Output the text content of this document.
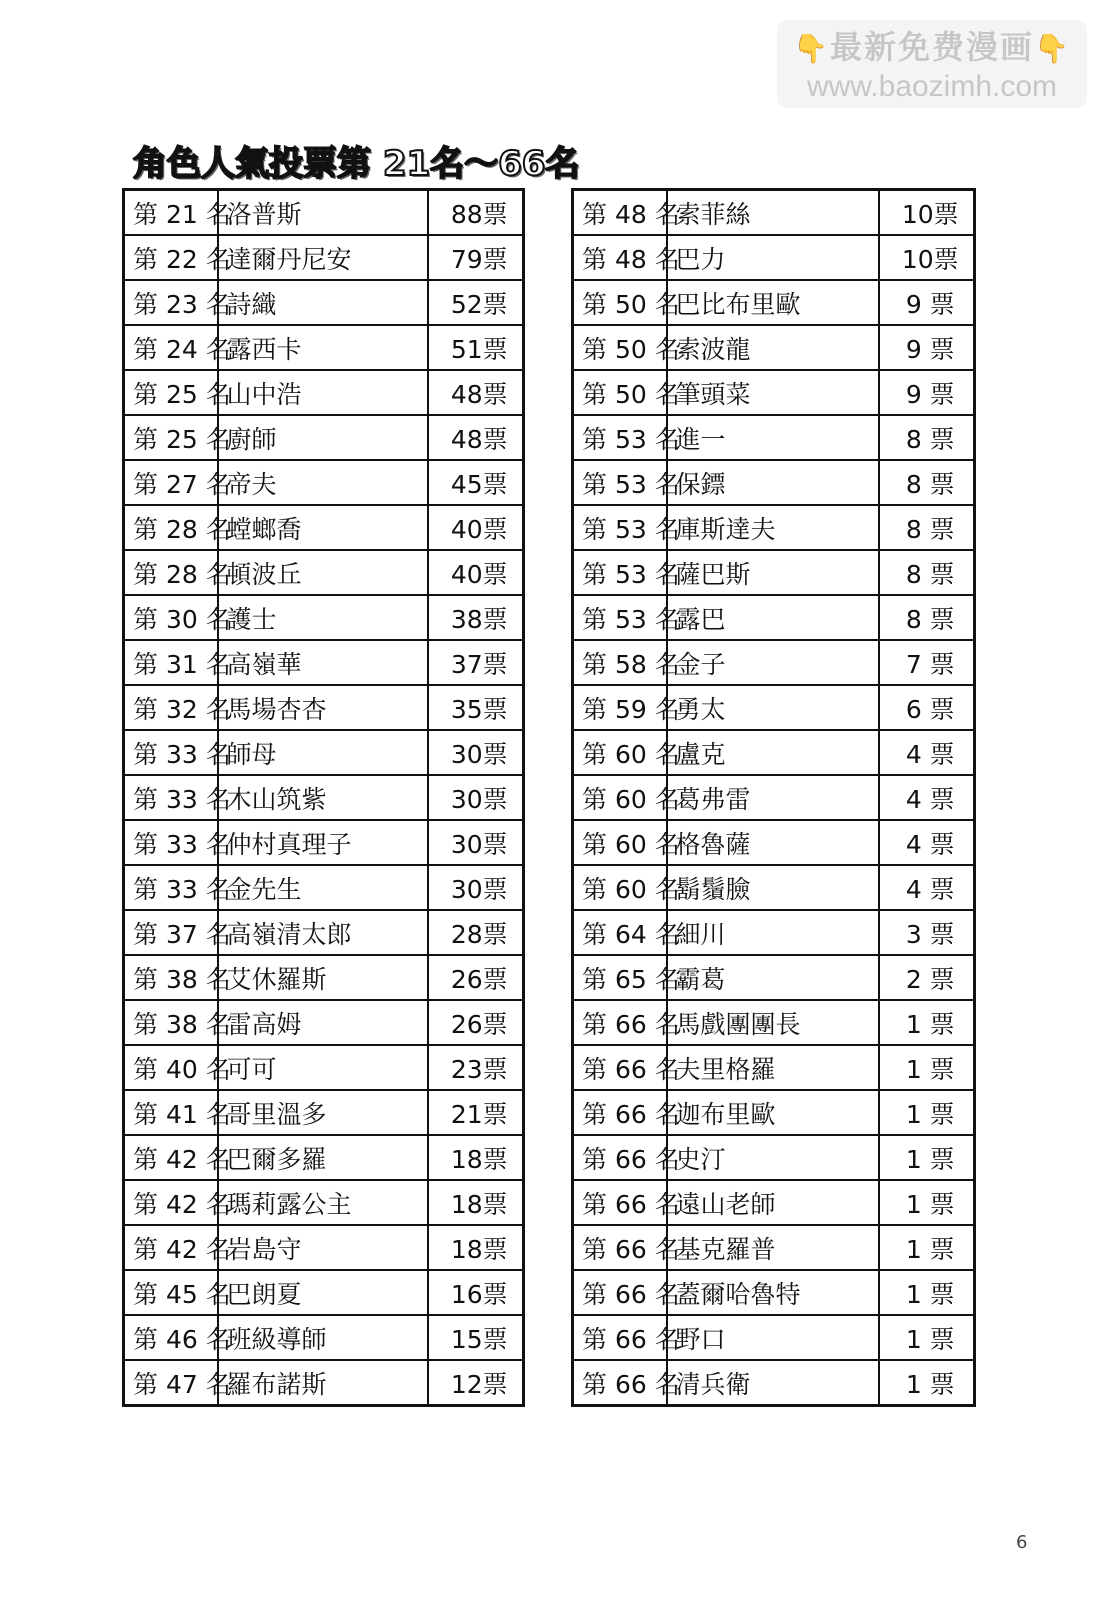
👇最新免费漫画👇
www.baozimh.com
角色人氣投票第 21名～66名
第 21 名	洛普斯	88票
第 22 名	達爾丹尼安	79票
第 23 名	詩織	52票
第 24 名	露西卡	51票
第 25 名	山中浩	48票
第 25 名	廚師	48票
第 27 名	帝夫	45票
第 28 名	螳螂喬	40票
第 28 名	頓波丘	40票
第 30 名	護士	38票
第 31 名	高嶺華	37票
第 32 名	馬場杏杏	35票
第 33 名	師母	30票
第 33 名	木山筑紫	30票
第 33 名	仲村真理子	30票
第 33 名	金先生	30票
第 37 名	高嶺清太郎	28票
第 38 名	艾休羅斯	26票
第 38 名	雷高姆	26票
第 40 名	可可	23票
第 41 名	哥里溫多	21票
第 42 名	巴爾多羅	18票
第 42 名	瑪莉露公主	18票
第 42 名	岩島守	18票
第 45 名	巴朗夏	16票
第 46 名	班級導師	15票
第 47 名	羅布諾斯	12票
第 48 名	索菲絲	10票
第 48 名	巴力	10票
第 50 名	巴比布里歐	9 票
第 50 名	索波龍	9 票
第 50 名	筆頭菜	9 票
第 53 名	進一	8 票
第 53 名	保鏢	8 票
第 53 名	庫斯達夫	8 票
第 53 名	薩巴斯	8 票
第 53 名	露巴	8 票
第 58 名	金子	7 票
第 59 名	勇太	6 票
第 60 名	盧克	4 票
第 60 名	葛弗雷	4 票
第 60 名	格魯薩	4 票
第 60 名	鬍鬚臉	4 票
第 64 名	細川	3 票
第 65 名	霸葛	2 票
第 66 名	馬戲團團長	1 票
第 66 名	夫里格羅	1 票
第 66 名	迦布里歐	1 票
第 66 名	史汀	1 票
第 66 名	遠山老師	1 票
第 66 名	基克羅普	1 票
第 66 名	蓋爾哈魯特	1 票
第 66 名	野口	1 票
第 66 名	清兵衛	1 票
6
